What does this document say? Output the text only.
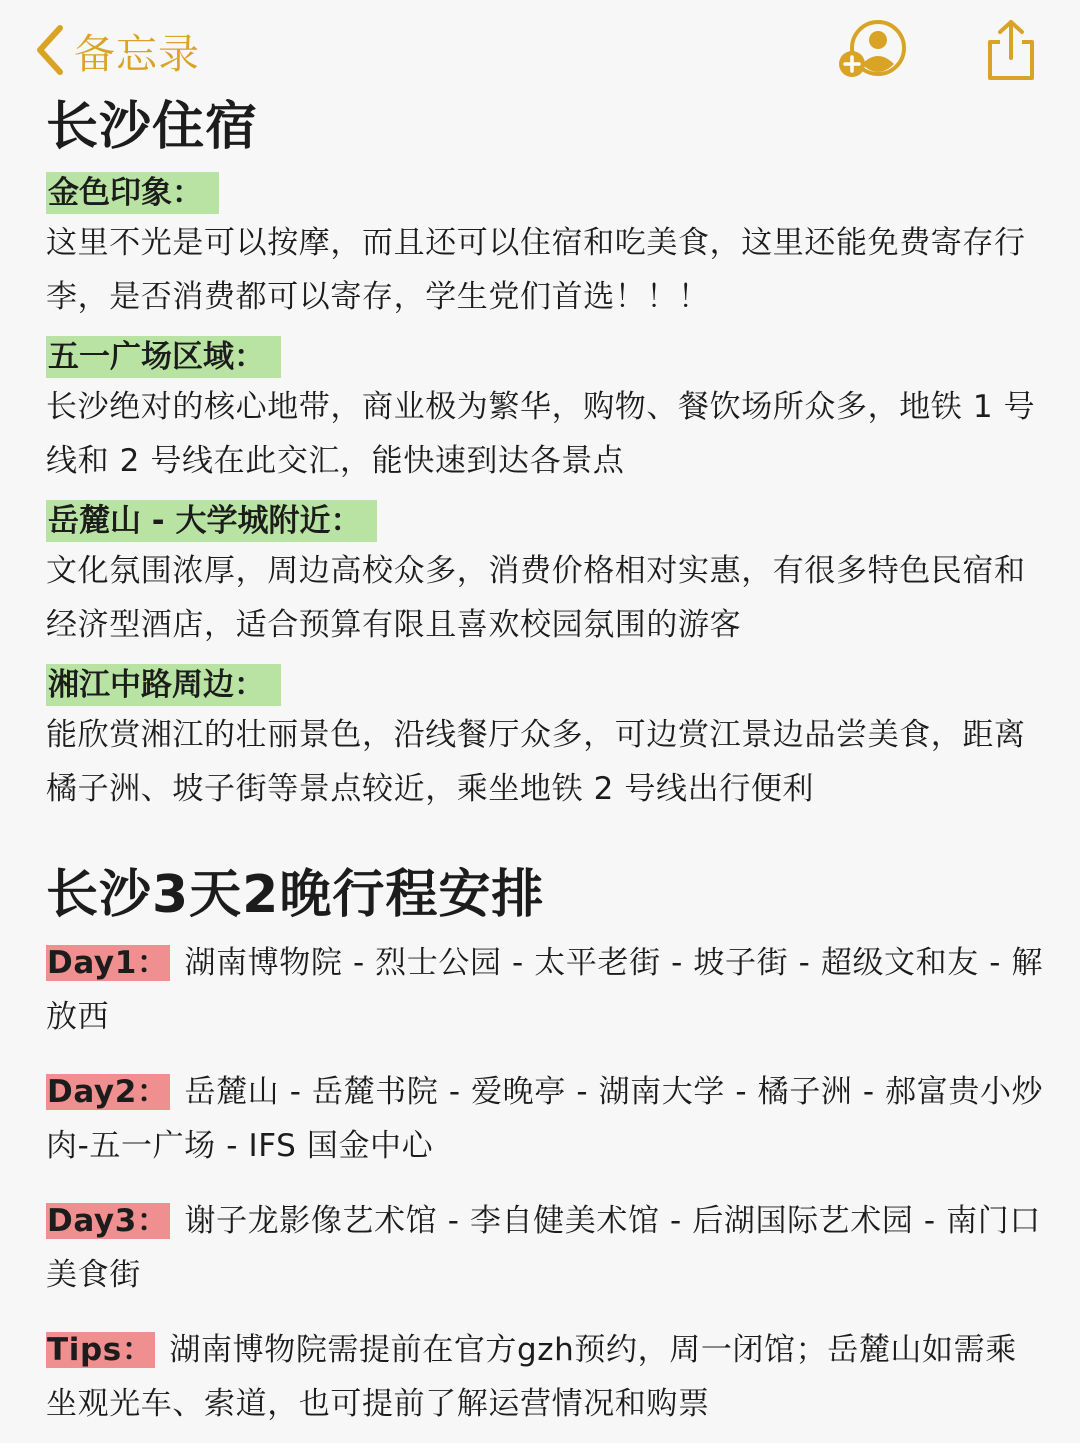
备忘录
长沙住宿
金色印象：

这里不光是可以按摩，而且还可以住宿和吃美食，这里还能免费寄存行李，是否消费都可以寄存，学生党们首选！！！

五一广场区域：

长沙绝对的核心地带，商业极为繁华，购物、餐饮场所众多，地铁 1 号线和 2 号线在此交汇，能快速到达各景点

岳麓山 - 大学城附近：

文化氛围浓厚，周边高校众多，消费价格相对实惠，有很多特色民宿和经济型酒店，适合预算有限且喜欢校园氛围的游客

湘江中路周边：

能欣赏湘江的壮丽景色，沿线餐厅众多，可边赏江景边品尝美食，距离橘子洲、坡子街等景点较近，乘坐地铁 2 号线出行便利

长沙3天2晚行程安排

Day1： 湖南博物院 - 烈士公园 - 太平老街 - 坡子街 - 超级文和友 - 解放西

Day2： 岳麓山 - 岳麓书院 - 爱晚亭 - 湖南大学 - 橘子洲 - 郝富贵小炒肉-五一广场 - IFS 国金中心

Day3： 谢子龙影像艺术馆 - 李自健美术馆 - 后湖国际艺术园 - 南门口美食街

Tips： 湖南博物院需提前在官方gzh预约，周一闭馆；岳麓山如需乘坐观光车、索道，也可提前了解运营情况和购票
